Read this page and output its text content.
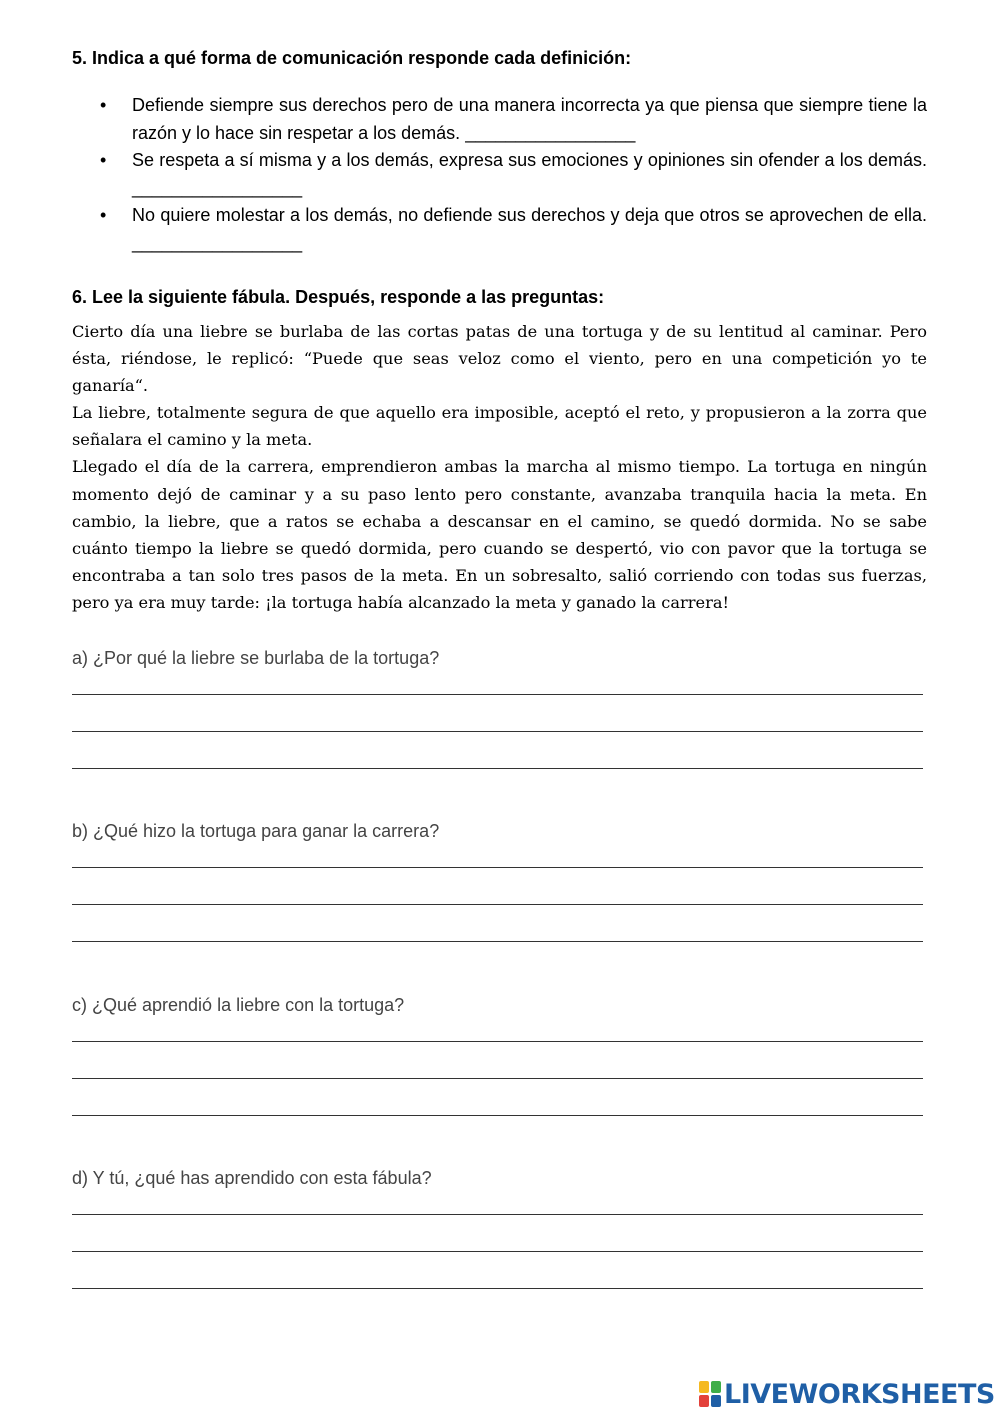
5. Indica a qué forma de comunicación responde cada definición:
• Defiende siempre sus derechos pero de una manera incorrecta ya que piensa que siempre tiene la razón y lo hace sin respetar a los demás. _________________
• Se respeta a sí misma y a los demás, expresa sus emociones y opiniones sin ofender a los demás. _________________
• No quiere molestar a los demás, no defiende sus derechos y deja que otros se aprovechen de ella. _________________
6. Lee la siguiente fábula. Después, responde a las preguntas:

Cierto día una liebre se burlaba de las cortas patas de una tortuga y de su lentitud al caminar. Pero ésta, riéndose, le replicó: “Puede que seas veloz como el viento, pero en una competición yo te ganaría“.

La liebre, totalmente segura de que aquello era imposible, aceptó el reto, y propusieron a la zorra que señalara el camino y la meta.

Llegado el día de la carrera, emprendieron ambas la marcha al mismo tiempo. La tortuga en ningún momento dejó de caminar y a su paso lento pero constante, avanzaba tranquila hacia la meta. En cambio, la liebre, que a ratos se echaba a descansar en el camino, se quedó dormida. No se sabe cuánto tiempo la liebre se quedó dormida, pero cuando se despertó, vio con pavor que la tortuga se encontraba a tan solo tres pasos de la meta. En un sobresalto, salió corriendo con todas sus fuerzas, pero ya era muy tarde: ¡la tortuga había alcanzado la meta y ganado la carrera!

a) ¿Por qué la liebre se burlaba de la tortuga?
b) ¿Qué hizo la tortuga para ganar la carrera?
c) ¿Qué aprendió la liebre con la tortuga?
d) Y tú, ¿qué has aprendido con esta fábula?
LIVEWORKSHEETS
